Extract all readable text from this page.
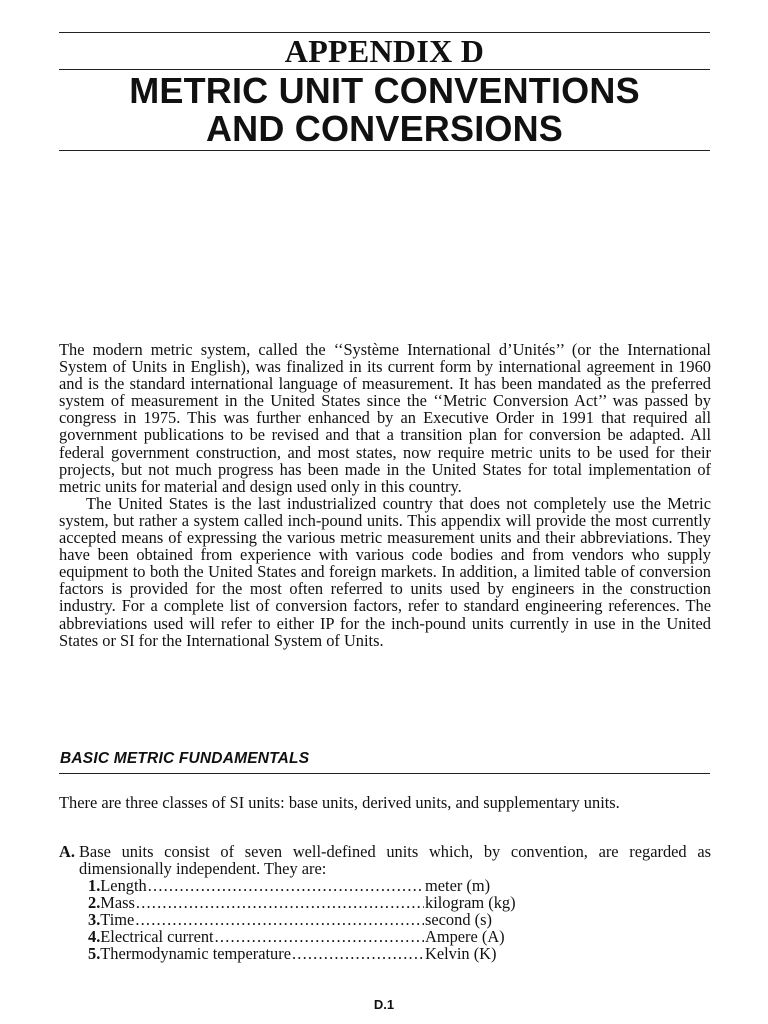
APPENDIX D
METRIC UNIT CONVENTIONS
AND CONVERSIONS

The modern metric system, called the ‘‘Système International d’Unités’’ (or the International System of Units in English), was finalized in its current form by international agreement in 1960 and is the standard international language of measurement. It has been mandated as the preferred system of measurement in the United States since the ‘‘Metric Conversion Act’’ was passed by congress in 1975. This was further enhanced by an Executive Order in 1991 that required all government publications to be revised and that a transition plan for conversion be adapted. All federal government construction, and most states, now require metric units to be used for their projects, but not much progress has been made in the United States for total implementation of metric units for material and design used only in this country.

The United States is the last industrialized country that does not completely use the Metric system, but rather a system called inch-pound units. This appendix will provide the most currently accepted means of expressing the various metric measurement units and their abbreviations. They have been obtained from experience with various code bodies and from vendors who supply equipment to both the United States and foreign markets. In addition, a limited table of conversion factors is provided for the most often referred to units used by engineers in the construction industry. For a complete list of conversion factors, refer to standard engineering references. The abbreviations used will refer to either IP for the inch-pound units currently in use in the United States or SI for the International System of Units.

BASIC METRIC FUNDAMENTALS

There are three classes of SI units: base units, derived units, and supplementary units.

A. Base units consist of seven well-defined units which, by convention, are regarded as dimensionally independent. They are:
1. Length .....	meter (m)
2. Mass .....	kilogram (kg)
3. Time .....	second (s)
4. Electrical current .....	Ampere (A)
5. Thermodynamic temperature .....	Kelvin (K)
D.1
